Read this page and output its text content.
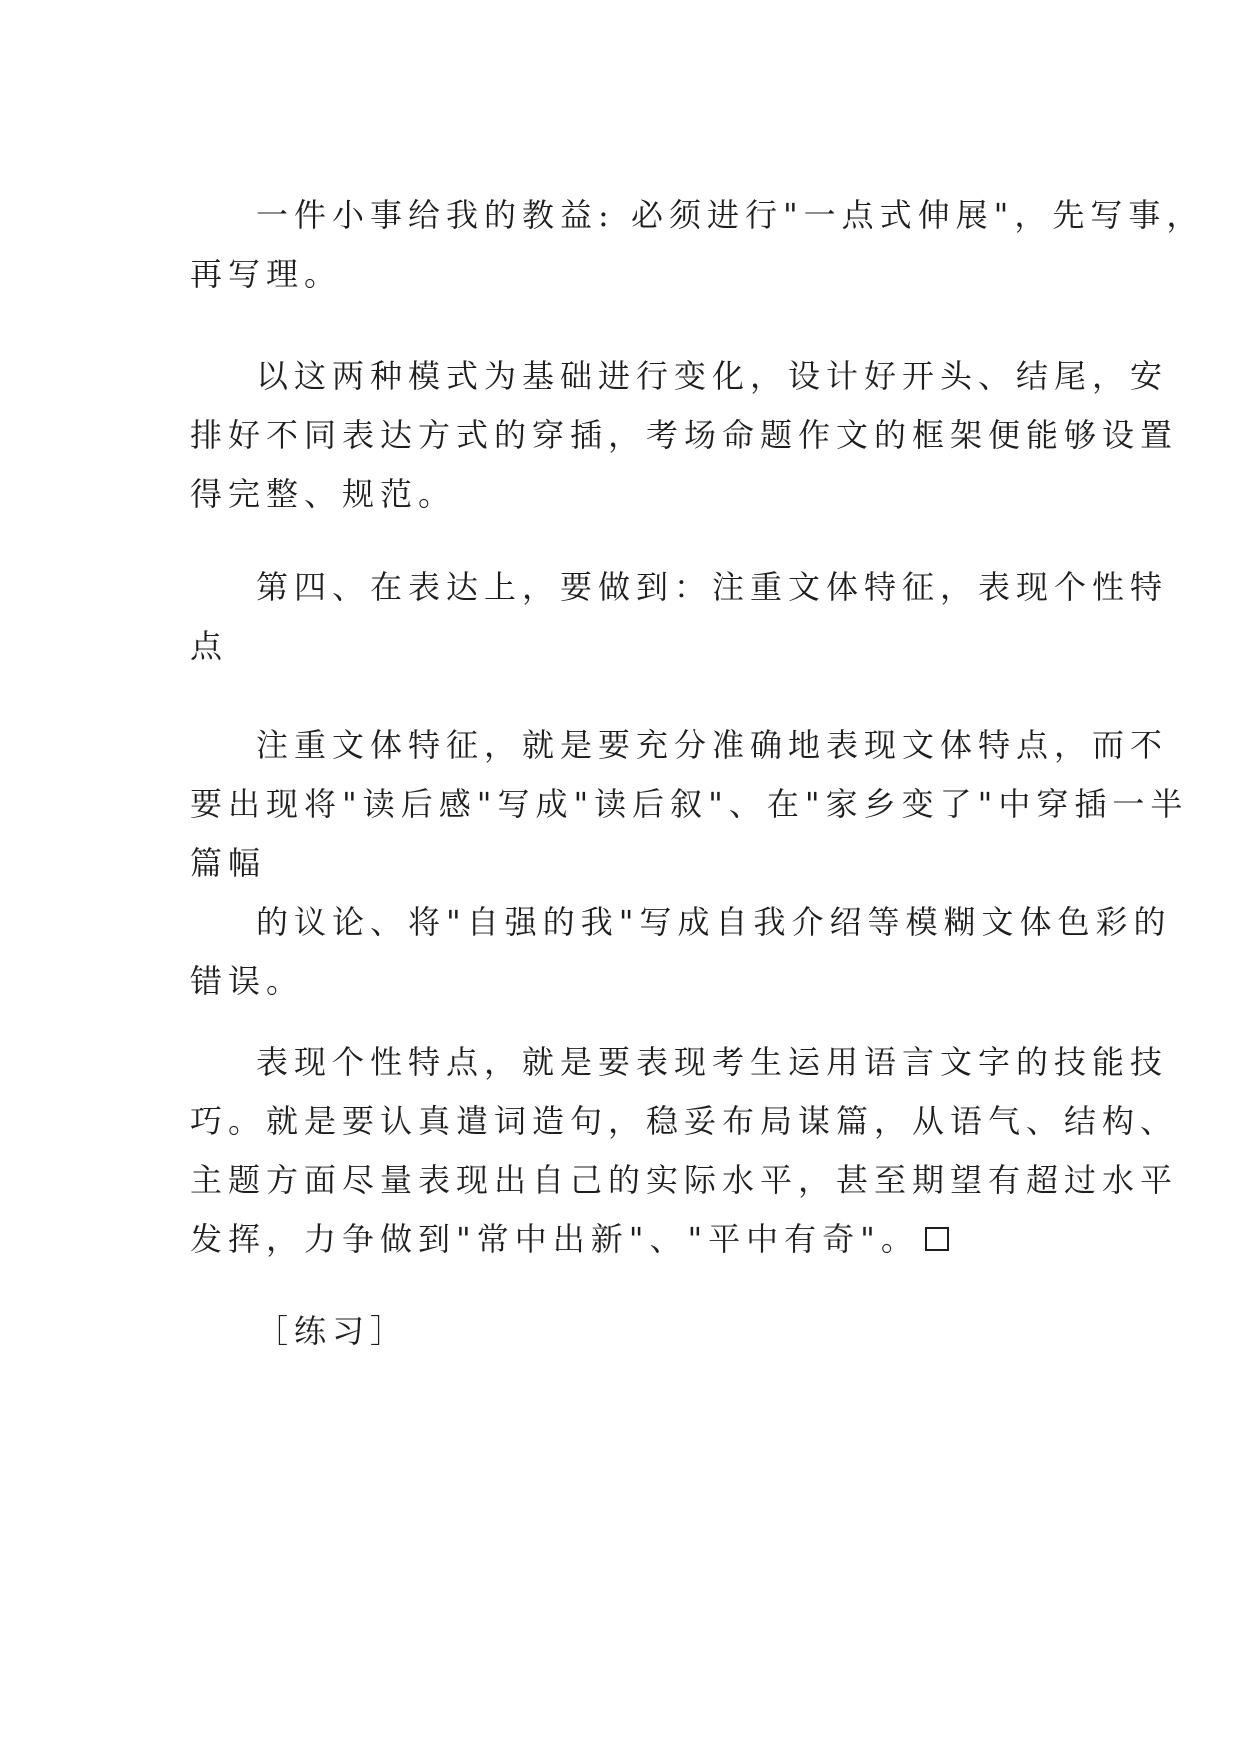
一件小事给我的教益: 必须进行"一点式伸展"，先写事，
再写理。
以这两种模式为基础进行变化，设计好开头、结尾，安
排好不同表达方式的穿插，考场命题作文的框架便能够设置
得完整、规范。
第四、在表达上，要做到：注重文体特征，表现个性特
点
注重文体特征，就是要充分准确地表现文体特点，而不
要出现将"读后感"写成"读后叙"、在"家乡变了"中穿插一半
篇幅
的议论、将"自强的我"写成自我介绍等模糊文体色彩的
错误。
表现个性特点，就是要表现考生运用语言文字的技能技
巧。就是要认真遣词造句，稳妥布局谋篇，从语气、结构、
主题方面尽量表现出自己的实际水平，甚至期望有超过水平
发挥，力争做到"常中出新"、"平中有奇"。
［练习］
